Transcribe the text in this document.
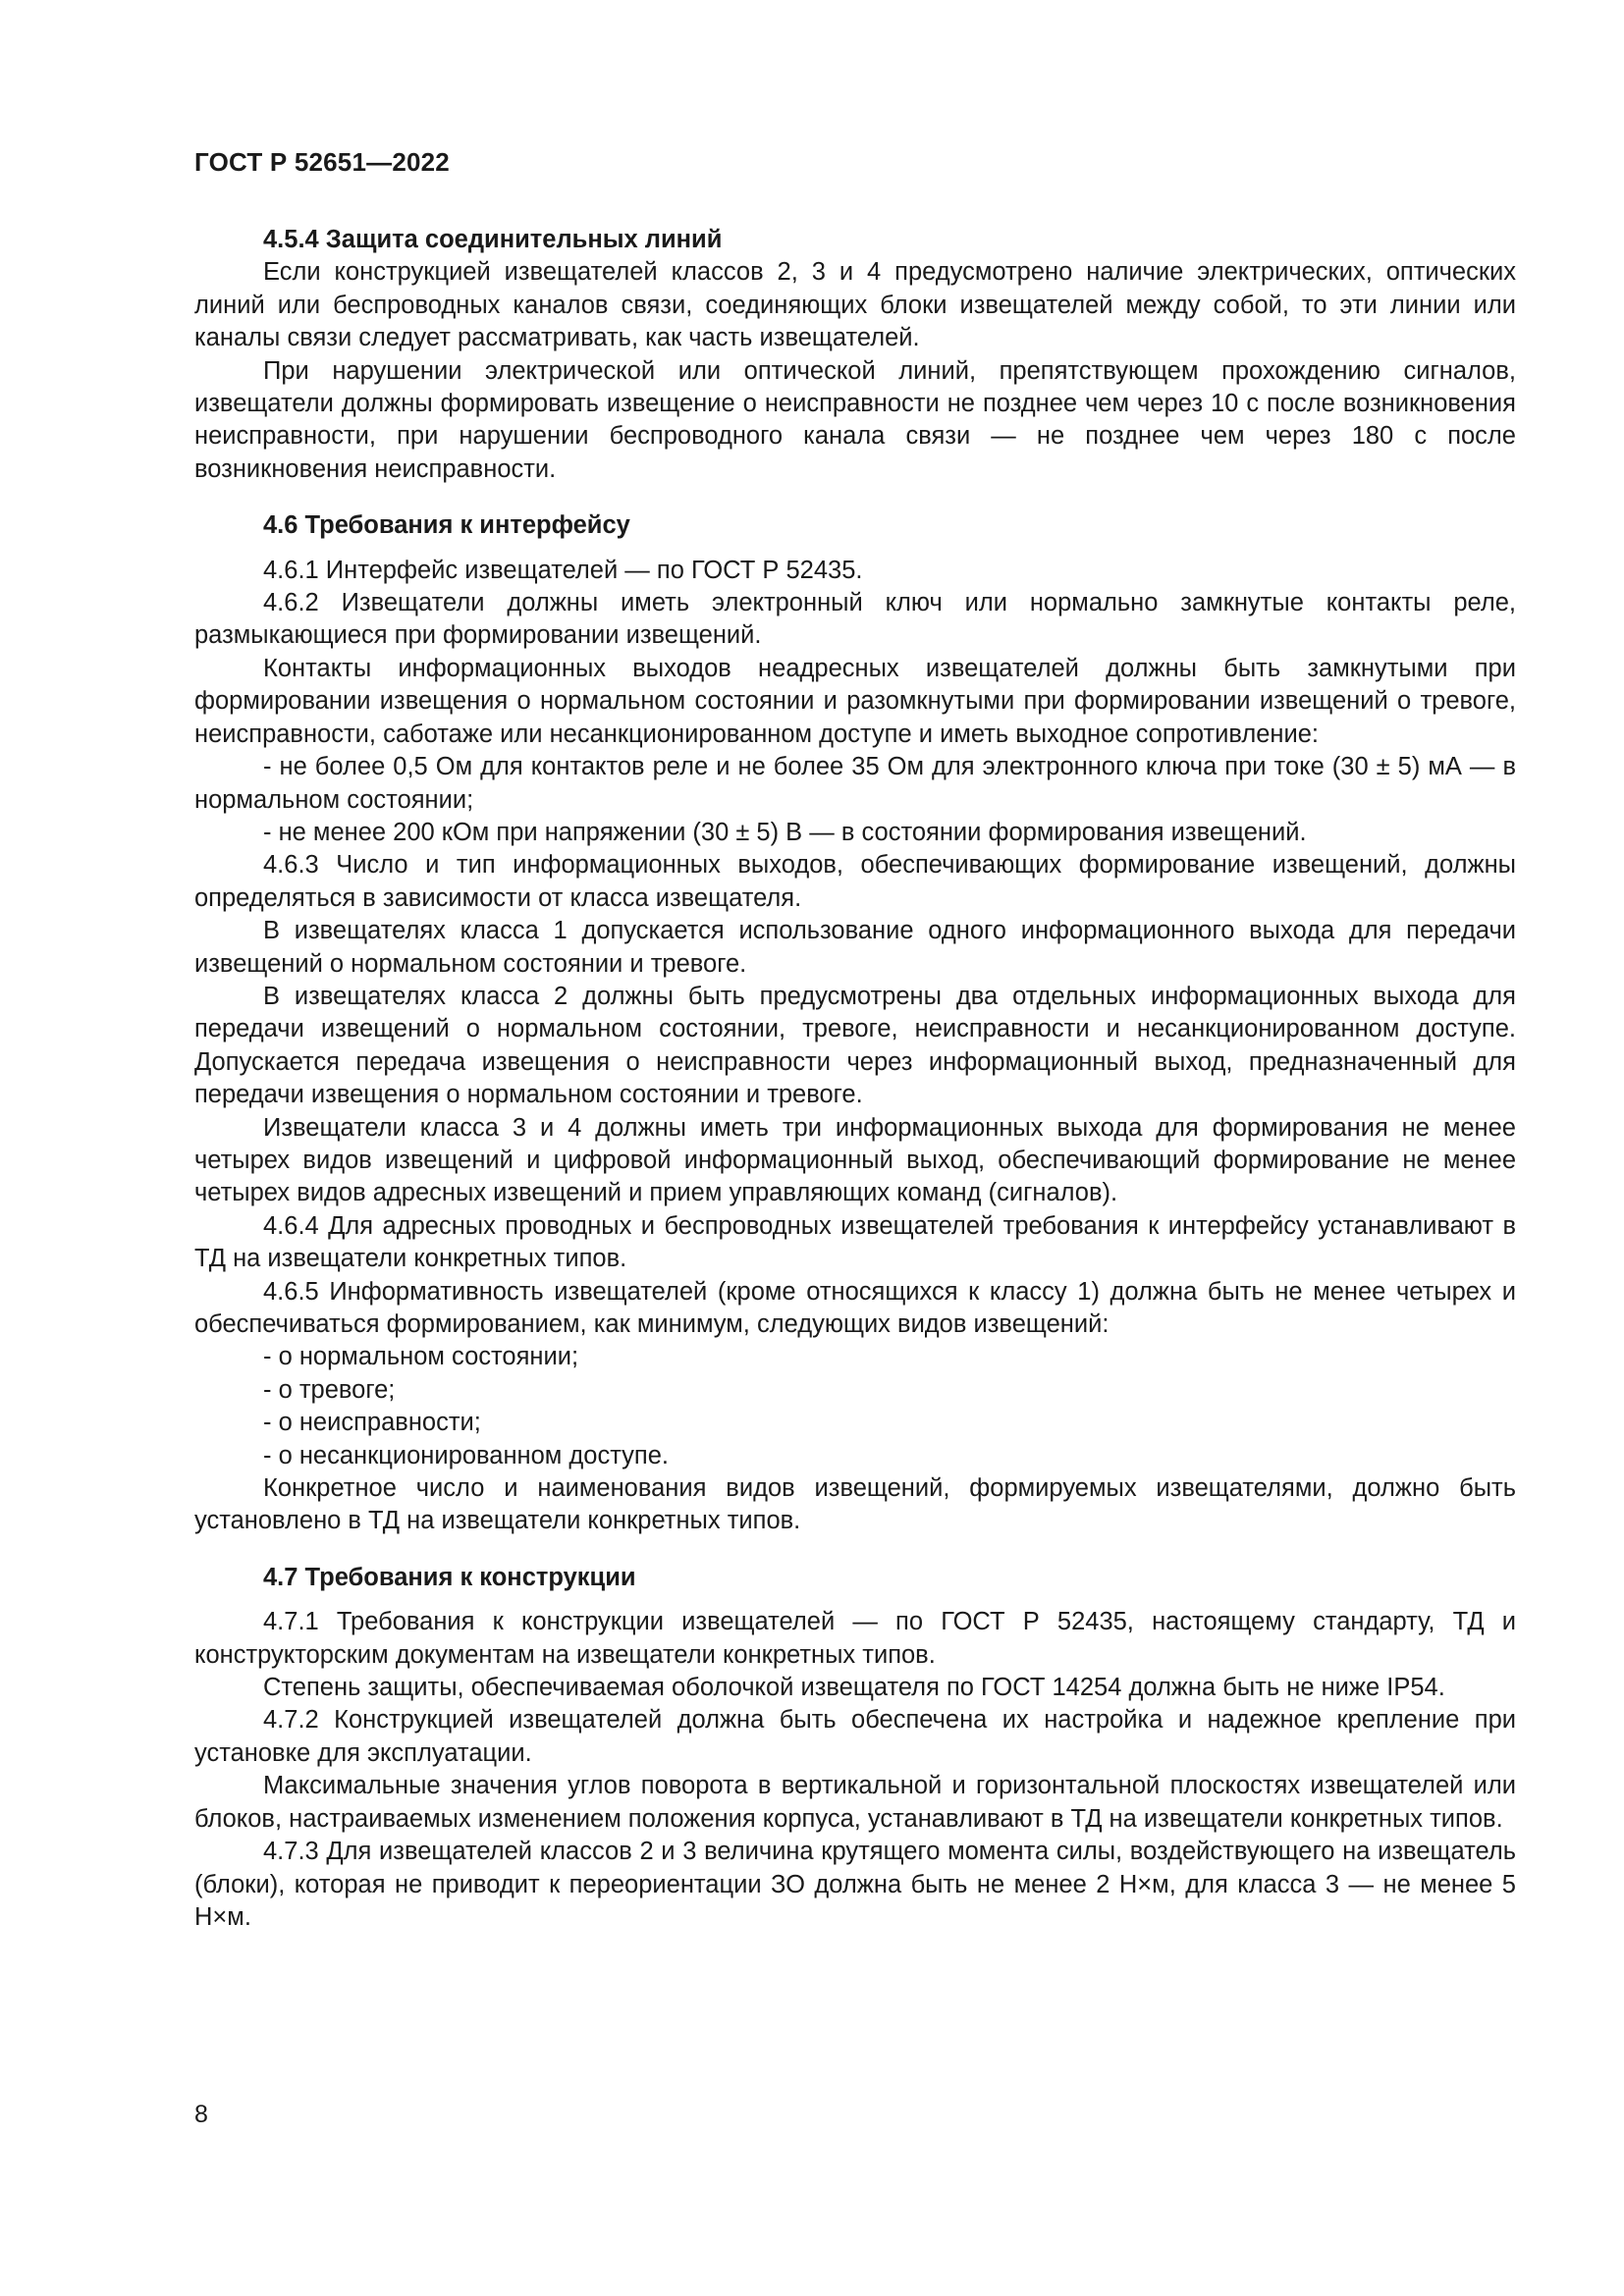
ГОСТ Р 52651—2022
4.5.4 Защита соединительных линий

Если конструкцией извещателей классов 2, 3 и 4 предусмотрено наличие электрических, оптических линий или беспроводных каналов связи, соединяющих блоки извещателей между собой, то эти линии или каналы связи следует рассматривать, как часть извещателей.

При нарушении электрической или оптической линий, препятствующем прохождению сигналов, извещатели должны формировать извещение о неисправности не позднее чем через 10 с после возникновения неисправности, при нарушении беспроводного канала связи — не позднее чем через 180 с после возникновения неисправности.

4.6 Требования к интерфейсу

4.6.1 Интерфейс извещателей — по ГОСТ Р 52435.

4.6.2 Извещатели должны иметь электронный ключ или нормально замкнутые контакты реле, размыкающиеся при формировании извещений.

Контакты информационных выходов неадресных извещателей должны быть замкнутыми при формировании извещения о нормальном состоянии и разомкнутыми при формировании извещений о тревоге, неисправности, саботаже или несанкционированном доступе и иметь выходное сопротивление:

- не более 0,5 Ом для контактов реле и не более 35 Ом для электронного ключа при токе (30 ± 5) мА — в нормальном состоянии;

- не менее 200 кОм при напряжении (30 ± 5) В — в состоянии формирования извещений.

4.6.3 Число и тип информационных выходов, обеспечивающих формирование извещений, должны определяться в зависимости от класса извещателя.

В извещателях класса 1 допускается использование одного информационного выхода для передачи извещений о нормальном состоянии и тревоге.

В извещателях класса 2 должны быть предусмотрены два отдельных информационных выхода для передачи извещений о нормальном состоянии, тревоге, неисправности и несанкционированном доступе. Допускается передача извещения о неисправности через информационный выход, предназначенный для передачи извещения о нормальном состоянии и тревоге.

Извещатели класса 3 и 4 должны иметь три информационных выхода для формирования не менее четырех видов извещений и цифровой информационный выход, обеспечивающий формирование не менее четырех видов адресных извещений и прием управляющих команд (сигналов).

4.6.4 Для адресных проводных и беспроводных извещателей требования к интерфейсу устанавливают в ТД на извещатели конкретных типов.

4.6.5 Информативность извещателей (кроме относящихся к классу 1) должна быть не менее четырех и обеспечиваться формированием, как минимум, следующих видов извещений:

- о нормальном состоянии;

- о тревоге;

- о неисправности;

- о несанкционированном доступе.

Конкретное число и наименования видов извещений, формируемых извещателями, должно быть установлено в ТД на извещатели конкретных типов.

4.7 Требования к конструкции

4.7.1 Требования к конструкции извещателей — по ГОСТ Р 52435, настоящему стандарту, ТД и конструкторским документам на извещатели конкретных типов.

Степень защиты, обеспечиваемая оболочкой извещателя по ГОСТ 14254 должна быть не ниже IP54.

4.7.2 Конструкцией извещателей должна быть обеспечена их настройка и надежное крепление при установке для эксплуатации.

Максимальные значения углов поворота в вертикальной и горизонтальной плоскостях извещателей или блоков, настраиваемых изменением положения корпуса, устанавливают в ТД на извещатели конкретных типов.

4.7.3 Для извещателей классов 2 и 3 величина крутящего момента силы, воздействующего на извещатель (блоки), которая не приводит к переориентации ЗО должна быть не менее 2 Н×м, для класса 3 — не менее 5 Н×м.

8
